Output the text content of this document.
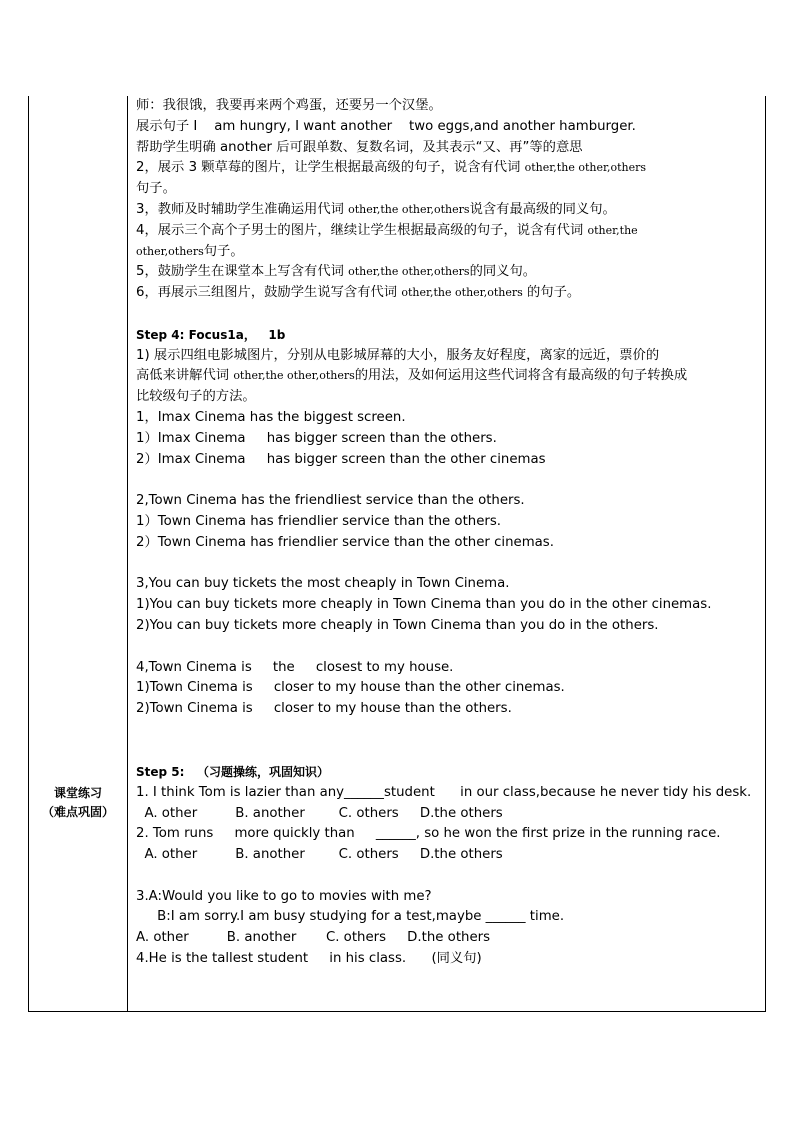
课堂练习
（难点巩固）
师：我很饿，我要再来两个鸡蛋，还要另一个汉堡。
展示句子 I    am hungry, I want another    two eggs,and another hamburger.
帮助学生明确 another 后可跟单数、复数名词，及其表示“又、再”等的意思
2，展示 3 颗草莓的图片，让学生根据最高级的句子，说含有代词 other,the other,others
句子。
3，教师及时辅助学生准确运用代词 other,the other,others说含有最高级的同义句。
4，展示三个高个子男士的图片，继续让学生根据最高级的句子，说含有代词 other,the
other,others句子。
5，鼓励学生在课堂本上写含有代词 other,the other,others的同义句。
6，再展示三组图片，鼓励学生说写含有代词 other,the other,others 的句子。
Step 4: Focus1a，   1b
1) 展示四组电影城图片，分别从电影城屏幕的大小，服务友好程度，离家的远近，票价的
高低来讲解代词 other,the other,others的用法，及如何运用这些代词将含有最高级的句子转换成
比较级句子的方法。
1，Imax Cinema has the biggest screen.
1）Imax Cinema     has bigger screen than the others.
2）Imax Cinema     has bigger screen than the other cinemas
2,Town Cinema has the friendliest service than the others.
1）Town Cinema has friendlier service than the others.
2）Town Cinema has friendlier service than the other cinemas.
3,You can buy tickets the most cheaply in Town Cinema.
1)You can buy tickets more cheaply in Town Cinema than you do in the other cinemas.
2)You can buy tickets more cheaply in Town Cinema than you do in the others.
4,Town Cinema is     the     closest to my house.
1)Town Cinema is     closer to my house than the other cinemas.
2)Town Cinema is     closer to my house than the others.
Step 5:   （习题操练，巩固知识）
1. I think Tom is lazier than any______student      in our class,because he never tidy his desk.
A. other         B. another        C. others     D.the others
2. Tom runs     more quickly than     ______, so he won the first prize in the running race.
A. other         B. another        C. others     D.the others
3.A:Would you like to go to movies with me?
B:I am sorry.I am busy studying for a test,maybe ______ time.
A. other         B. another       C. others     D.the others
4.He is the tallest student     in his class.      (同义句)
